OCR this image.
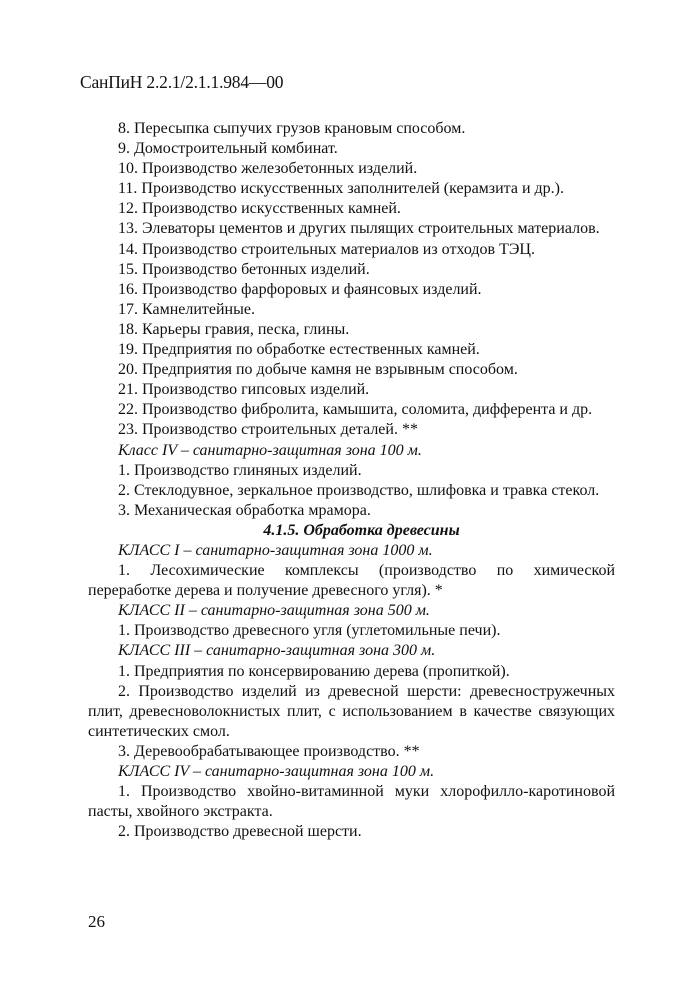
СанПиН 2.2.1/2.1.1.984—00
8. Пересыпка сыпучих грузов крановым способом.
9. Домостроительный комбинат.
10. Производство железобетонных изделий.
11. Производство искусственных заполнителей (керамзита и др.).
12. Производство искусственных камней.
13. Элеваторы цементов и других пылящих строительных материалов.
14. Производство строительных материалов из отходов ТЭЦ.
15. Производство бетонных изделий.
16. Производство фарфоровых и фаянсовых изделий.
17. Камнелитейные.
18. Карьеры гравия, песка, глины.
19. Предприятия по обработке естественных камней.
20. Предприятия по добыче камня не взрывным способом.
21. Производство гипсовых изделий.
22. Производство фибролита, камышита, соломита, дифферента и др.
23. Производство строительных деталей. **
Класс IV – санитарно-защитная зона 100 м.
1. Производство глиняных изделий.
2. Стеклодувное, зеркальное производство, шлифовка и травка стекол.
3. Механическая обработка мрамора.
4.1.5. Обработка древесины
КЛАСС I – санитарно-защитная зона 1000 м.
1. Лесохимические комплексы (производство по химической переработке дерева и получение древесного угля). *
КЛАСС II – санитарно-защитная зона 500 м.
1. Производство древесного угля (углетомильные печи).
КЛАСС III – санитарно-защитная зона 300 м.
1. Предприятия по консервированию дерева (пропиткой).
2. Производство изделий из древесной шерсти: древесностружечных плит, древесноволокнистых плит, с использованием в качестве связующих синтетических смол.
3. Деревообрабатывающее производство. **
КЛАСС IV – санитарно-защитная зона 100 м.
1. Производство хвойно-витаминной муки хлорофилло-каротиновой пасты, хвойного экстракта.
2. Производство древесной шерсти.
26
